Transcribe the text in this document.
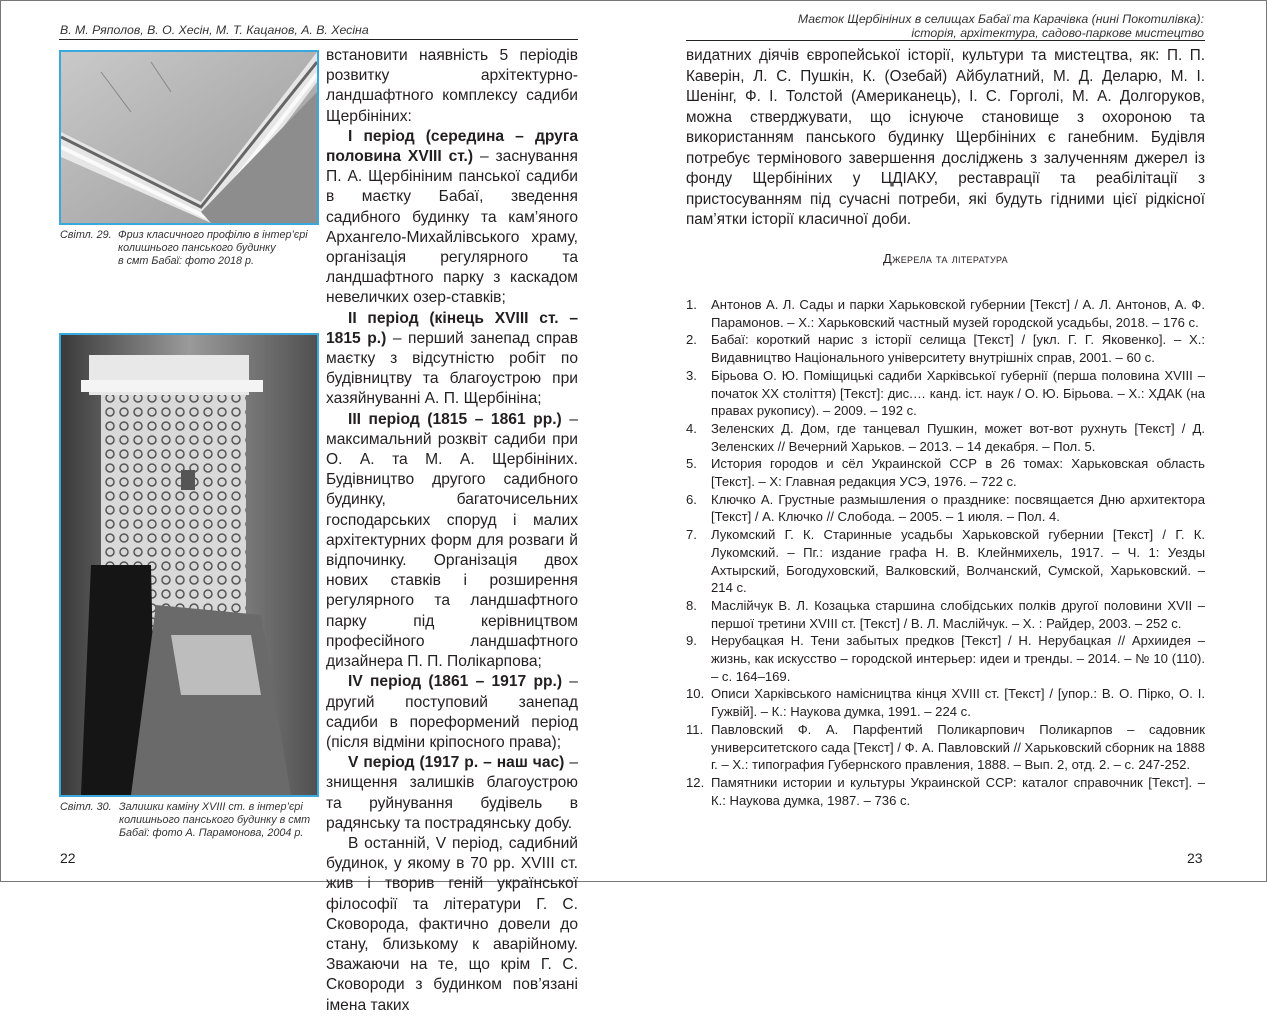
В. М. Ряполов, В. О. Хесін, М. Т. Кацанов, А. В. Хесіна
Світл. 29. Фриз класичного профілю в інтер’єрі
колишнього панського будинку
в смт Бабаї: фото 2018 р.
Світл. 30. Залишки каміну XVIII ст. в інтер’єрі
колишнього панського будинку в смт
Бабаї: фото А. Парамонова, 2004 р.

встановити наявність 5 періодів розвитку архітектурно-ландшафтного комплексу садиби Щербініних:

I період (середина – друга половина XVIII ст.) – заснування П. А. Щербініним панської садиби в маєтку Бабаї, зведення садибного будинку та кам’яного Архангело-Михайлівського храму, організація регулярного та ландшафтного парку з каскадом невеличких озер-ставків;

II період (кінець XVIII ст. – 1815 р.) – перший занепад справ маєтку з відсутністю робіт по будівництву та благоустрою при хазяйнуванні А. П. Щербініна;

III період (1815 – 1861 рр.) – максимальний розквіт садиби при О. А. та М. А. Щербініних. Будівництво другого садибного будинку, багаточисельних господарських споруд і малих архітектурних форм для розваги й відпочинку. Організація двох нових ставків і розширення регулярного та ландшафтного парку під керівництвом професійного ландшафтного дизайнера П. П. Полікарпова;

IV період (1861 – 1917 рр.) – другий поступовий занепад садиби в пореформений період (після відміни кріпосного права);

V період (1917 р. – наш час) – знищення залишків благоустрою та руйнування будівель в радянську та пострадянську добу.

В останній, V період, садибний будинок, у якому в 70 рр. XVIII ст. жив і творив геній української філософії та літератури Г. С. Сковорода, фактично довели до стану, близькому к аварійному. Зважаючи на те, що крім Г. С. Сковороди з будинком пов’язані імена таких

22
Маєток Щербініних в селищах Бабаї та Карачівка (нині Покотилівка):
історія, архітектура, садово-паркове мистецтво

видатних діячів європейської історії, культури та мистецтва, як: П. П. Каверін, Л. С. Пушкін, К. (Озебай) Айбулатний, М. Д. Деларю, М. І. Шенінг, Ф. І. Толстой (Американець), І. С. Горголі, М. А. Долгоруков, можна стверджувати, що існуюче становище з охороною та використанням панського будинку Щербініних є ганебним. Будівля потребує термінового завершення досліджень з залученням джерел із фонду Щербініних у ЦДІАКУ, реставрації та реабілітації з пристосуванням під сучасні потреби, які будуть гідними цієї рідкісної пам’ятки історії класичної доби.

Джерела та література
1. Антонов А. Л. Сады и парки Харьковской губернии [Текст] / А. Л. Антонов, А. Ф. Парамонов. – Х.: Харьковский частный музей городской усадьбы, 2018. – 176 с.
2. Бабаї: короткий нарис з історії селища [Текст] / [укл. Г. Г. Яковенко]. – Х.: Видавництво Національного університету внутрішніх справ, 2001. – 60 с.
3. Бірьова О. Ю. Поміщицькі садиби Харківської губернії (перша половина XVIII – початок XX століття) [Текст]: дис.… канд. іст. наук / О. Ю. Бірьова. – Х.: ХДАК (на правах рукопису). – 2009. – 192 с.
4. Зеленских Д. Дом, где танцевал Пушкин, может вот-вот рухнуть [Текст] / Д. Зеленских // Вечерний Харьков. – 2013. – 14 декабря. – Пол. 5.
5. История городов и сёл Украинской ССР в 26 томах: Харьковская область [Текст]. – Х: Главная редакция УСЭ, 1976. – 722 с.
6. Ключко А. Грустные размышления о празднике: посвящается Дню архитектора [Текст] / А. Ключко // Слобода. – 2005. – 1 июля. – Пол. 4.
7. Лукомский Г. К. Старинные усадьбы Харьковской губернии [Текст] / Г. К. Лукомский. – Пг.: издание графа Н. В. Клейнмихель, 1917. – Ч. 1: Уезды Ахтырский, Богодуховский, Валковский, Волчанский, Сумской, Харьковский. – 214 с.
8. Маслійчук В. Л. Козацька старшина слобідських полків другої половини XVII – першої третини XVIII ст. [Текст] / В. Л. Маслійчук. – Х. : Райдер, 2003. – 252 с.
9. Нерубацкая Н. Тени забытых предков [Текст] / Н. Нерубацкая // Архиидея – жизнь, как искусство – городской интерьер: идеи и тренды. – 2014. – № 10 (110). – с. 164–169.
10. Описи Харківського намісництва кінця XVIII ст. [Текст] / [упор.: В. О. Пірко, О. І. Гужвій]. – К.: Наукова думка, 1991. – 224 с.
11. Павловский Ф. А. Парфентий Поликарпович Поликарпов – садовник университетского сада [Текст] / Ф. А. Павловский // Харьковский сборник на 1888 г. – Х.: типография Губернского правления, 1888. – Вып. 2, отд. 2. – с. 247-252.
12. Памятники истории и культуры Украинской ССР: каталог справочник [Текст]. – К.: Наукова думка, 1987. – 736 с.
23
